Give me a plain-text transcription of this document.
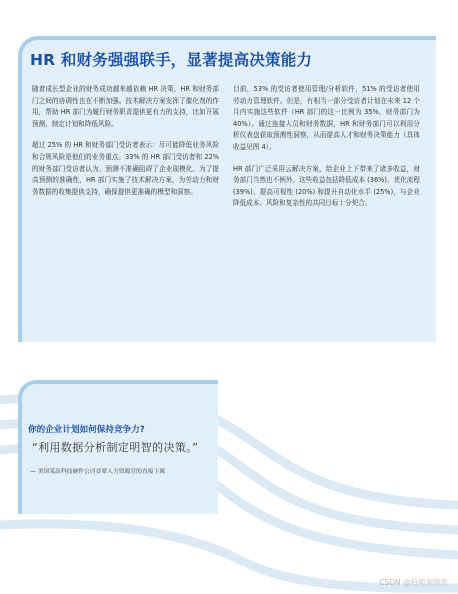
HR 和财务强强联手，显著提高决策能力

随着成长型企业的财务成功越来越依赖 HR 决策，HR 和财务部门之间的协调性也在不断加强。技术解决方案发挥了催化剂的作用，帮助 HR 部门为履行财务职责提供更有力的支持，比如开展预测、制定计划和降低风险。

超过 25% 的 HR 和财务部门受访者表示：尽可能降低业务风险和合规风险是他们的业务重点。33% 的 HR 部门受访者和 22% 的财务部门受访者认为，预测不准确阻碍了企业现模化。为了提高预测的准确性，HR 部门实施了技术解决方案，为劳动力和财务数据的收集提供支持，确保提供更准确的模型和洞察。

目前，53% 的受访者使用管理/分析软件，51% 的受访者使用劳动力管理软件。但是，有相当一部分受访者计划在未来 12 个月内实施这些软件（HR 部门的这一比例为 35%，财务部门为 40%）。通过连接人员和财务数据，HR 和财务部门可以利用分析仪表盘获取预测性洞察，从而提高人才和财务决策能力（具体收益见图 4）。

HR 部门广泛采用云解决方案，给企业上下带来了诸多收益，财务部门当然也不例外。这些收益包括降低成本 (36%)、优化流程 (39%)、提高可视性 (20%) 和提升自动化水平 (25%)，与企业降低成本、风险和复杂性的共同目标十分契合。

你的企业计划如何保持竞争力?
“利用数据分析制定明智的决策。”
— 美国某高科技硬件公司首席人力资源官的直接下属
CSDN @趋势洞察库
